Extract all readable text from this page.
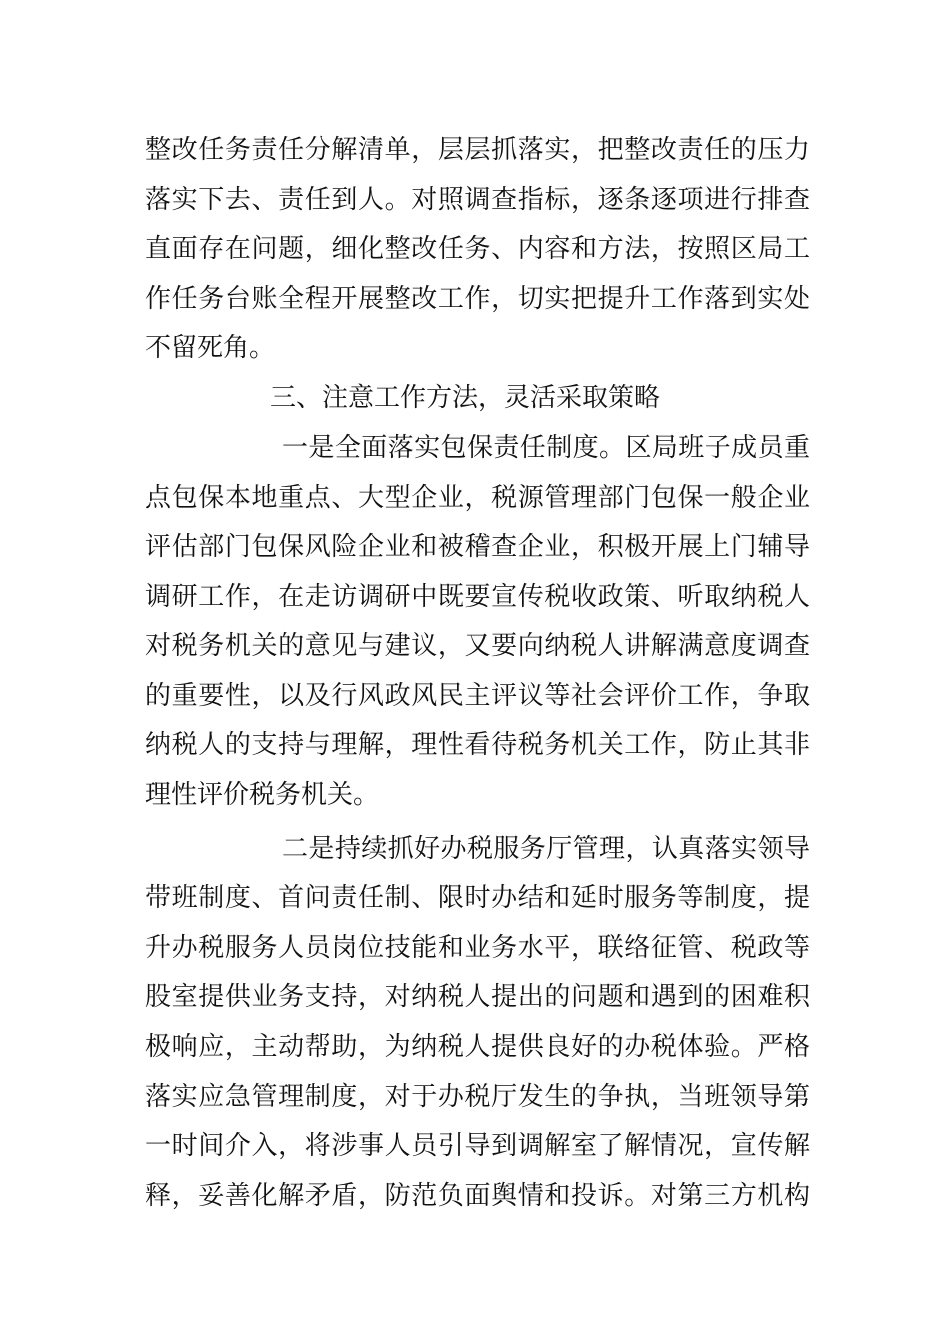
整改任务责任分解清单，层层抓落实，把整改责任的压力
落实下去、责任到人。对照调查指标，逐条逐项进行排查
直面存在问题，细化整改任务、内容和方法，按照区局工
作任务台账全程开展整改工作，切实把提升工作落到实处
不留死角。
三、注意工作方法，灵活采取策略
一是全面落实包保责任制度。区局班子成员重
点包保本地重点、大型企业，税源管理部门包保一般企业
评估部门包保风险企业和被稽查企业，积极开展上门辅导
调研工作，在走访调研中既要宣传税收政策、听取纳税人
对税务机关的意见与建议，又要向纳税人讲解满意度调查
的重要性，以及行风政风民主评议等社会评价工作，争取
纳税人的支持与理解，理性看待税务机关工作，防止其非
理性评价税务机关。
二是持续抓好办税服务厅管理，认真落实领导
带班制度、首问责任制、限时办结和延时服务等制度，提
升办税服务人员岗位技能和业务水平，联络征管、税政等
股室提供业务支持，对纳税人提出的问题和遇到的困难积
极响应，主动帮助，为纳税人提供良好的办税体验。严格
落实应急管理制度，对于办税厅发生的争执，当班领导第
一时间介入，将涉事人员引导到调解室了解情况，宣传解
释，妥善化解矛盾，防范负面舆情和投诉。对第三方机构
